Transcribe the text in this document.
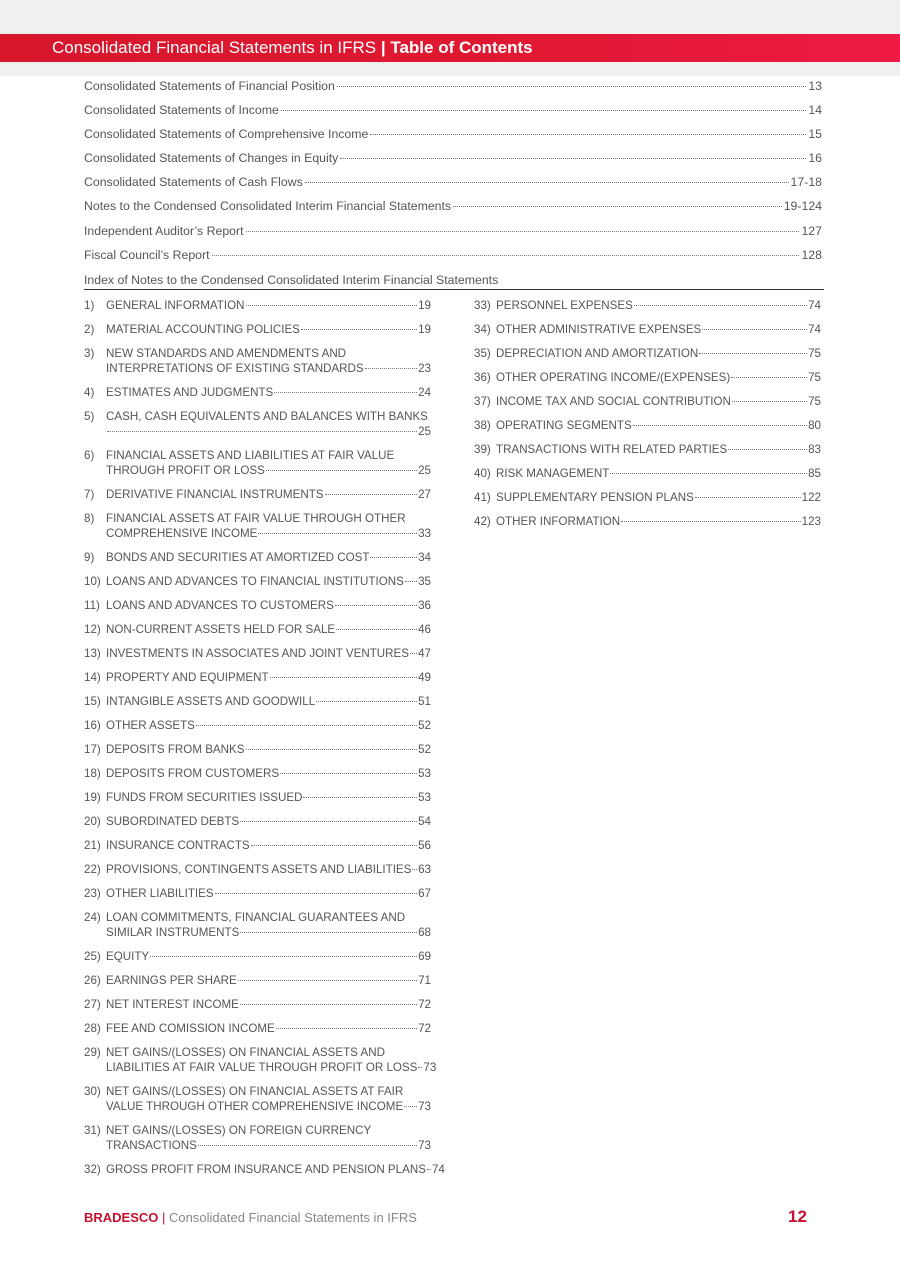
Consolidated Financial Statements in IFRS | Table of Contents
Consolidated Statements of Financial Position	13
Consolidated Statements of Income	14
Consolidated Statements of Comprehensive Income	15
Consolidated Statements of Changes in Equity	16
Consolidated Statements of Cash Flows	17-18
Notes to the Condensed Consolidated Interim Financial Statements	19-124
Independent Auditor’s Report	127
Fiscal Council’s Report	128
Index of Notes to the Condensed Consolidated Interim Financial Statements
1)	GENERAL INFORMATION	19
2)	MATERIAL ACCOUNTING POLICIES	19
3)	NEW STANDARDS AND AMENDMENTS AND
INTERPRETATIONS OF EXISTING STANDARDS	23
4)	ESTIMATES AND JUDGMENTS	24
5)	CASH, CASH EQUIVALENTS AND BALANCES WITH BANKS
25
6)	FINANCIAL ASSETS AND LIABILITIES AT FAIR VALUE
THROUGH PROFIT OR LOSS	25
7)	DERIVATIVE FINANCIAL INSTRUMENTS	27
8)	FINANCIAL ASSETS AT FAIR VALUE THROUGH OTHER
COMPREHENSIVE INCOME	33
9)	BONDS AND SECURITIES AT AMORTIZED COST	34
10) LOANS AND ADVANCES TO FINANCIAL INSTITUTIONS 35
11) LOANS AND ADVANCES TO CUSTOMERS	36
12) NON-CURRENT ASSETS HELD FOR SALE	46
13) INVESTMENTS IN ASSOCIATES AND JOINT VENTURES 47
14) PROPERTY AND EQUIPMENT	49
15) INTANGIBLE ASSETS AND GOODWILL	51
16) OTHER ASSETS	52
17) DEPOSITS FROM BANKS	52
18) DEPOSITS FROM CUSTOMERS	53
19) FUNDS FROM SECURITIES ISSUED	53
20) SUBORDINATED DEBTS	54
21) INSURANCE CONTRACTS	56
22) PROVISIONS, CONTINGENTS ASSETS AND LIABILITIES 63
23) OTHER LIABILITIES	67
24) LOAN COMMITMENTS, FINANCIAL GUARANTEES AND
SIMILAR INSTRUMENTS	68
25) EQUITY	69
26) EARNINGS PER SHARE	71
27) NET INTEREST INCOME	72
28) FEE AND COMISSION INCOME	72
29) NET GAINS/(LOSSES) ON FINANCIAL ASSETS AND
LIABILITIES AT FAIR VALUE THROUGH PROFIT OR LOSS 73
30) NET GAINS/(LOSSES) ON FINANCIAL ASSETS AT FAIR
VALUE THROUGH OTHER COMPREHENSIVE INCOME 73
31) NET GAINS/(LOSSES) ON FOREIGN CURRENCY
TRANSACTIONS	73
32) GROSS PROFIT FROM INSURANCE AND PENSION PLANS 74
33) PERSONNEL EXPENSES	74
34) OTHER ADMINISTRATIVE EXPENSES	74
35) DEPRECIATION AND AMORTIZATION	75
36) OTHER OPERATING INCOME/(EXPENSES)	75
37) INCOME TAX AND SOCIAL CONTRIBUTION	75
38) OPERATING SEGMENTS	80
39) TRANSACTIONS WITH RELATED PARTIES	83
40) RISK MANAGEMENT	85
41) SUPPLEMENTARY PENSION PLANS	122
42) OTHER INFORMATION	123
BRADESCO | Consolidated Financial Statements in IFRS	12
